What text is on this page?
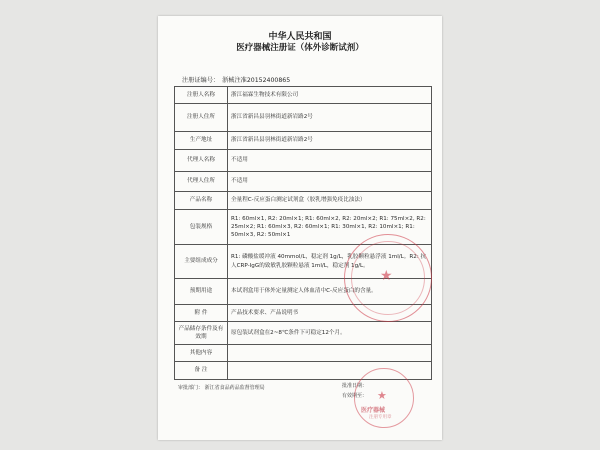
中华人民共和国
医疗器械注册证（体外诊断试剂）
注册证编号： 浙械注准20152400865
注册人名称	浙江福霖生物技术有限公司
注册人住所	浙江省新昌县羽林街道新岩路2号
生产地址	浙江省新昌县羽林街道新岩路2号
代理人名称	不适用
代理人住所	不适用
产品名称	全量程C-反应蛋白测定试剂盒（胶乳增强免疫比浊法）
包装规格	R1: 60ml×1, R2: 20ml×1; R1: 60ml×2, R2: 20ml×2; R1: 75ml×2, R2: 25ml×2; R1: 60ml×3, R2: 60ml×1; R1: 30ml×1, R2: 10ml×1; R1: 50ml×3, R2: 50ml×1
主要组成成分	R1: 磷酸盐缓冲液 40mmol/L，稳定剂 1g/L，乳胶颗粒悬浮液 1ml/L。R2: 抗人CRP-IgG的致敏乳胶颗粒悬液 1ml/L，稳定剂 1g/L。
预期用途	本试剂盒用于体外定量测定人体血清中C-反应蛋白的含量。
附 件	产品技术要求、产品说明书
产品储存条件及有效期	原包装试剂盒在2~8℃条件下可稳定12个月。
其他内容	
备 注	
审批部门： 浙江省食品药品监督管理局	批准日期：
有效期至：
★
★
医疗器械
注册专用章
